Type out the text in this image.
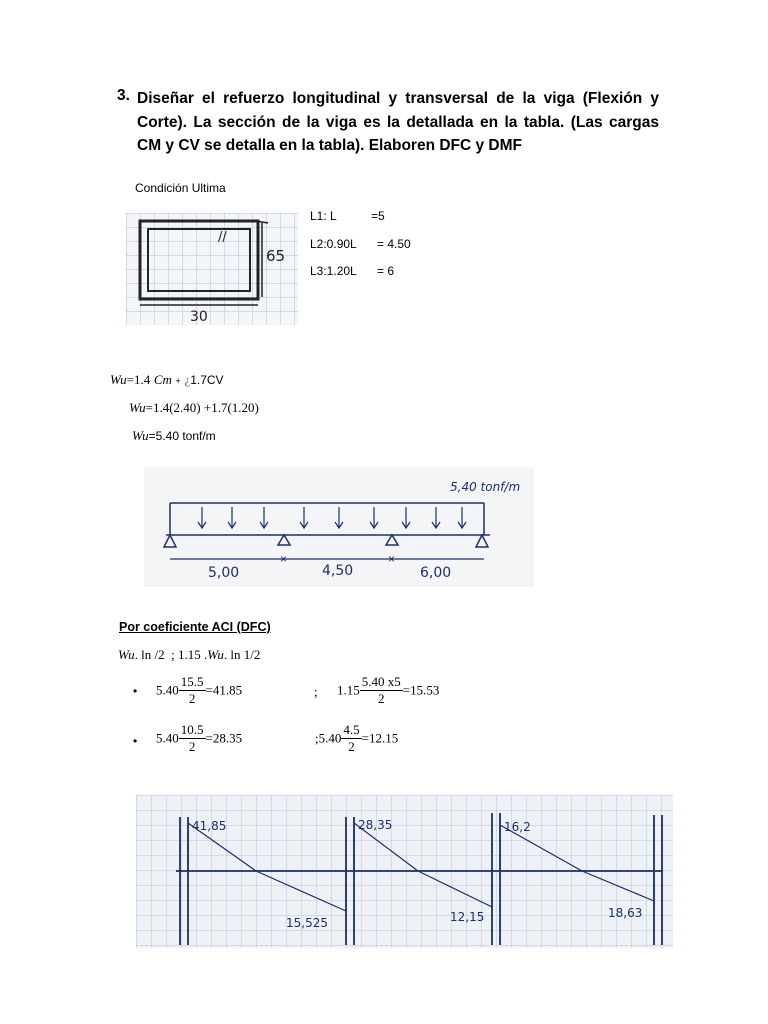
3. Diseñar el refuerzo longitudinal y transversal de la viga (Flexión y Corte). La sección de la viga es la detallada en la tabla. (Las cargas CM y CV se detalla en la tabla). Elaboren DFC y DMF
Condición Ultima
65
30
//
L1: L	=5
L2:0.90L = 4.50
L3:1.20L = 6
Wu=1.4 Cm + ¿1.7CV
Wu=1.4(2.40) +1.7(1.20)
Wu=5.40 tonf/m
×	×
5,40 tonf/m
5,00	4,50	6,00
Por coeficiente ACI (DFC)
Wu. ln /2 ; 1.15 .Wu. ln 1/2
• $5.40 \frac{15.5}{2} =41.85$	; $1.15 \frac{5.40 x5}{2} =15.53$
• $5.40 \frac{10.5}{2} =28.35$	;5.40 $\frac{4.5}{2} =12.15$
41,85	28,35	16,2
15,525	12,15	18,63
